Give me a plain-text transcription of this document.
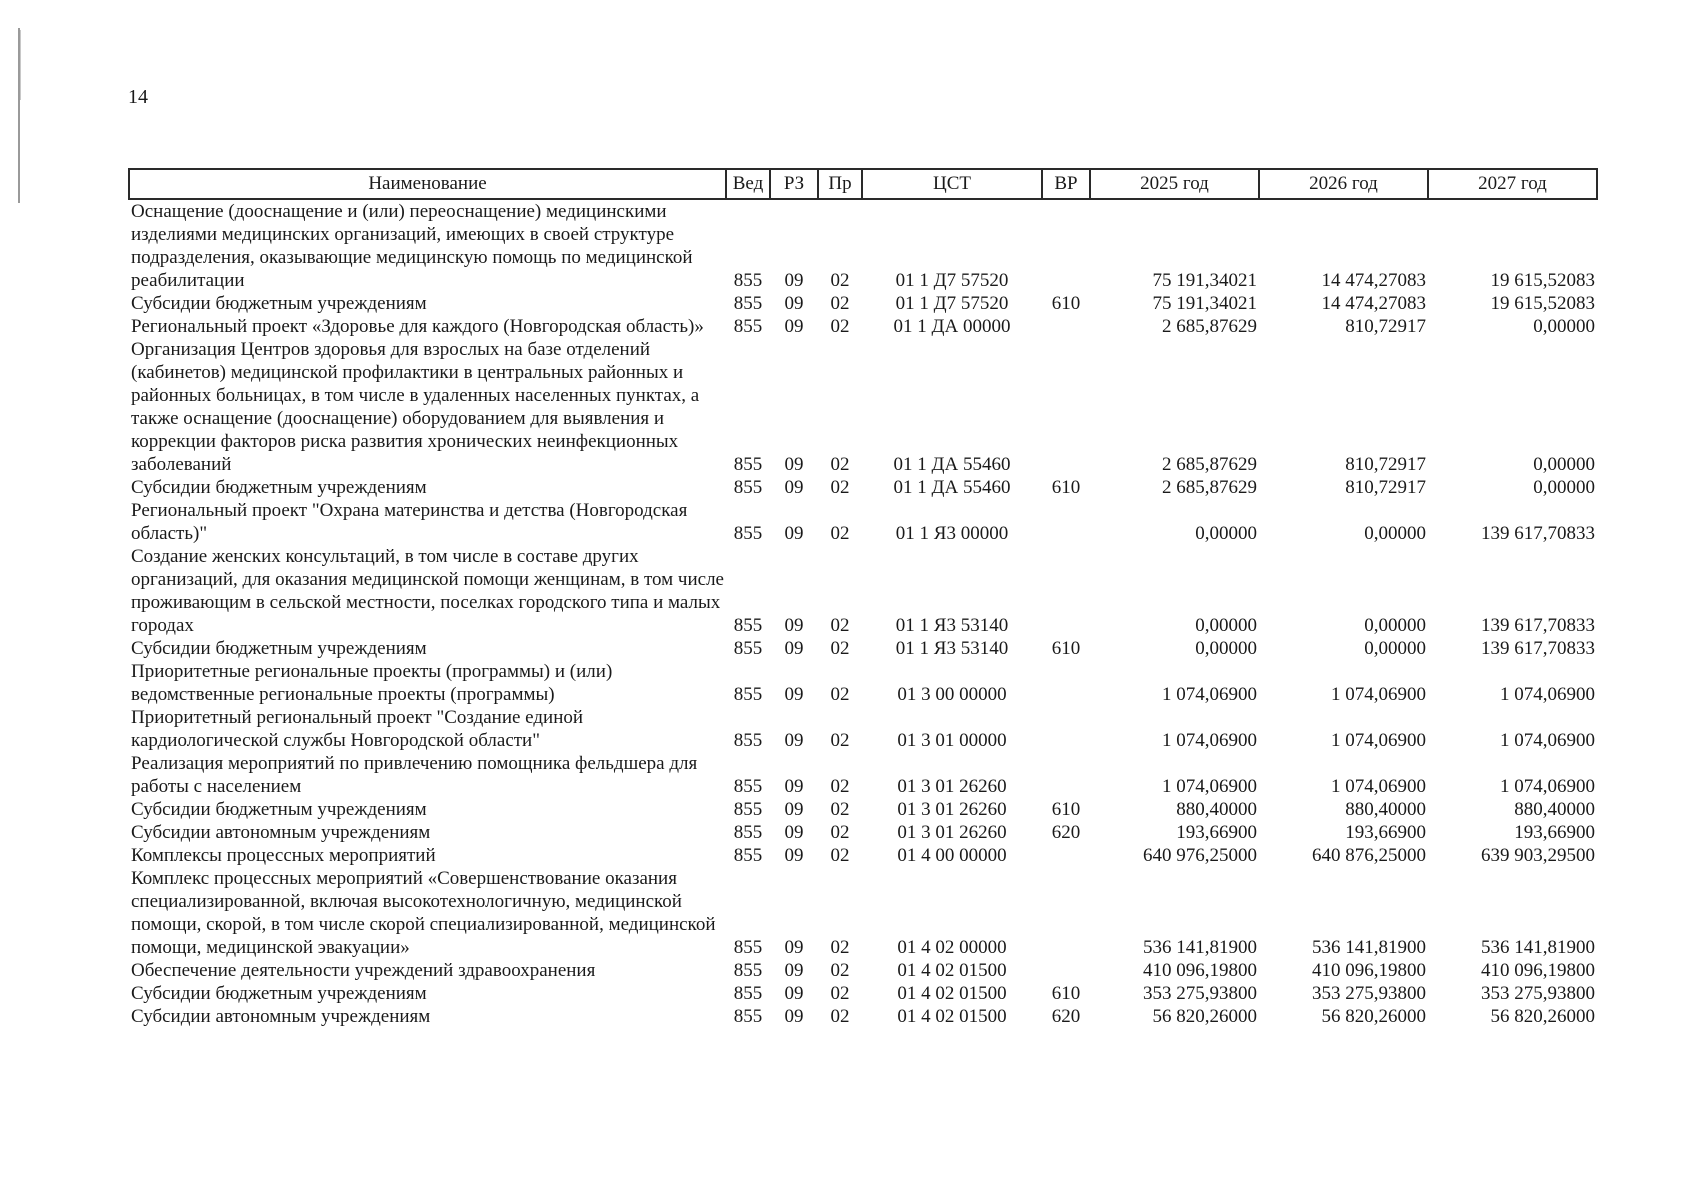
14
Наименование	Вед	РЗ	Пр	ЦСТ	ВР	2025 год	2026 год	2027 год
Оснащение (дооснащение и (или) переоснащение) медицинскими изделиями медицинских организаций, имеющих в своей структуре подразделения, оказывающие медицинскую помощь по медицинской реабилитации	855	09	02	01 1 Д7 57520		75 191,34021	14 474,27083	19 615,52083
Субсидии бюджетным учреждениям	855	09	02	01 1 Д7 57520	610	75 191,34021	14 474,27083	19 615,52083
Региональный проект «Здоровье для каждого (Новгородская область)»	855	09	02	01 1 ДА 00000		2 685,87629	810,72917	0,00000
Организация Центров здоровья для взрослых на базе отделений (кабинетов) медицинской профилактики в центральных районных и районных больницах, в том числе в удаленных населенных пунктах, а также оснащение (дооснащение) оборудованием для выявления и коррекции факторов риска развития хронических неинфекционных заболеваний	855	09	02	01 1 ДА 55460		2 685,87629	810,72917	0,00000
Субсидии бюджетным учреждениям	855	09	02	01 1 ДА 55460	610	2 685,87629	810,72917	0,00000
Региональный проект "Охрана материнства и детства (Новгородская область)"	855	09	02	01 1 Я3 00000		0,00000	0,00000	139 617,70833
Создание женских консультаций, в том числе в составе других организаций, для оказания медицинской помощи женщинам, в том числе проживающим в сельской местности, поселках городского типа и малых городах	855	09	02	01 1 Я3 53140		0,00000	0,00000	139 617,70833
Субсидии бюджетным учреждениям	855	09	02	01 1 Я3 53140	610	0,00000	0,00000	139 617,70833
Приоритетные региональные проекты (программы) и (или) ведомственные региональные проекты (программы)	855	09	02	01 3 00 00000		1 074,06900	1 074,06900	1 074,06900
Приоритетный региональный проект "Создание единой кардиологической службы Новгородской области"	855	09	02	01 3 01 00000		1 074,06900	1 074,06900	1 074,06900
Реализация мероприятий по привлечению помощника фельдшера для работы с населением	855	09	02	01 3 01 26260		1 074,06900	1 074,06900	1 074,06900
Субсидии бюджетным учреждениям	855	09	02	01 3 01 26260	610	880,40000	880,40000	880,40000
Субсидии автономным учреждениям	855	09	02	01 3 01 26260	620	193,66900	193,66900	193,66900
Комплексы процессных мероприятий	855	09	02	01 4 00 00000		640 976,25000	640 876,25000	639 903,29500
Комплекс процессных мероприятий «Совершенствование оказания специализированной, включая высокотехнологичную, медицинской помощи, скорой, в том числе скорой специализированной, медицинской помощи, медицинской эвакуации»	855	09	02	01 4 02 00000		536 141,81900	536 141,81900	536 141,81900
Обеспечение деятельности учреждений здравоохранения	855	09	02	01 4 02 01500		410 096,19800	410 096,19800	410 096,19800
Субсидии бюджетным учреждениям	855	09	02	01 4 02 01500	610	353 275,93800	353 275,93800	353 275,93800
Субсидии автономным учреждениям	855	09	02	01 4 02 01500	620	56 820,26000	56 820,26000	56 820,26000
